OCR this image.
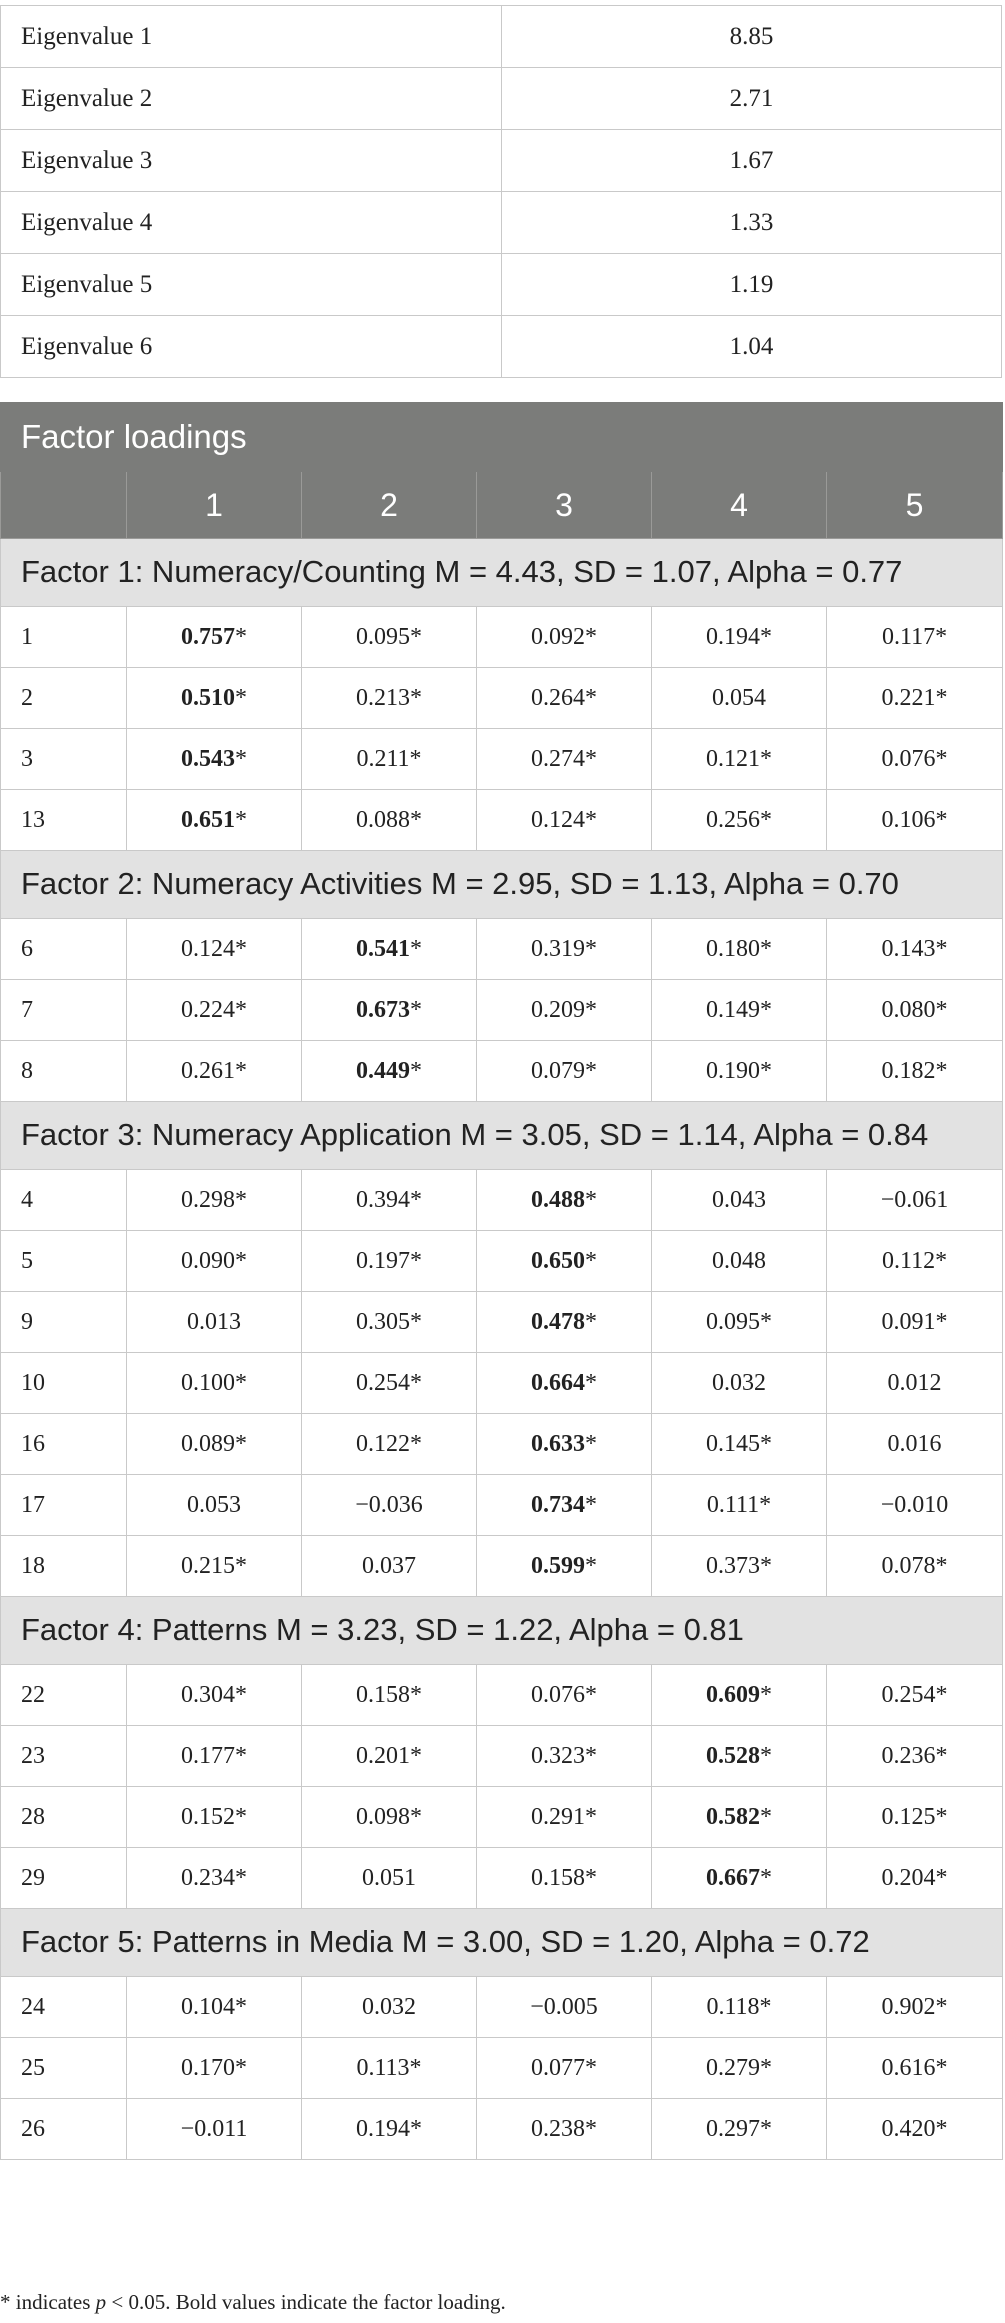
Eigenvalue 1	8.85
Eigenvalue 2	2.71
Eigenvalue 3	1.67
Eigenvalue 4	1.33
Eigenvalue 5	1.19
Eigenvalue 6	1.04
Factor loadings					
	1	2	3	4	5
Factor 1: Numeracy/Counting M = 4.43, SD = 1.07, Alpha = 0.77					
1	0.757*	0.095*	0.092*	0.194*	0.117*
2	0.510*	0.213*	0.264*	0.054	0.221*
3	0.543*	0.211*	0.274*	0.121*	0.076*
13	0.651*	0.088*	0.124*	0.256*	0.106*
Factor 2: Numeracy Activities M = 2.95, SD = 1.13, Alpha = 0.70					
6	0.124*	0.541*	0.319*	0.180*	0.143*
7	0.224*	0.673*	0.209*	0.149*	0.080*
8	0.261*	0.449*	0.079*	0.190*	0.182*
Factor 3: Numeracy Application M = 3.05, SD = 1.14, Alpha = 0.84					
4	0.298*	0.394*	0.488*	0.043	−0.061
5	0.090*	0.197*	0.650*	0.048	0.112*
9	0.013	0.305*	0.478*	0.095*	0.091*
10	0.100*	0.254*	0.664*	0.032	0.012
16	0.089*	0.122*	0.633*	0.145*	0.016
17	0.053	−0.036	0.734*	0.111*	−0.010
18	0.215*	0.037	0.599*	0.373*	0.078*
Factor 4: Patterns M = 3.23, SD = 1.22, Alpha = 0.81					
22	0.304*	0.158*	0.076*	0.609*	0.254*
23	0.177*	0.201*	0.323*	0.528*	0.236*
28	0.152*	0.098*	0.291*	0.582*	0.125*
29	0.234*	0.051	0.158*	0.667*	0.204*
Factor 5: Patterns in Media M = 3.00, SD = 1.20, Alpha = 0.72					
24	0.104*	0.032	−0.005	0.118*	0.902*
25	0.170*	0.113*	0.077*	0.279*	0.616*
26	−0.011	0.194*	0.238*	0.297*	0.420*
* indicates p < 0.05. Bold values indicate the factor loading.
